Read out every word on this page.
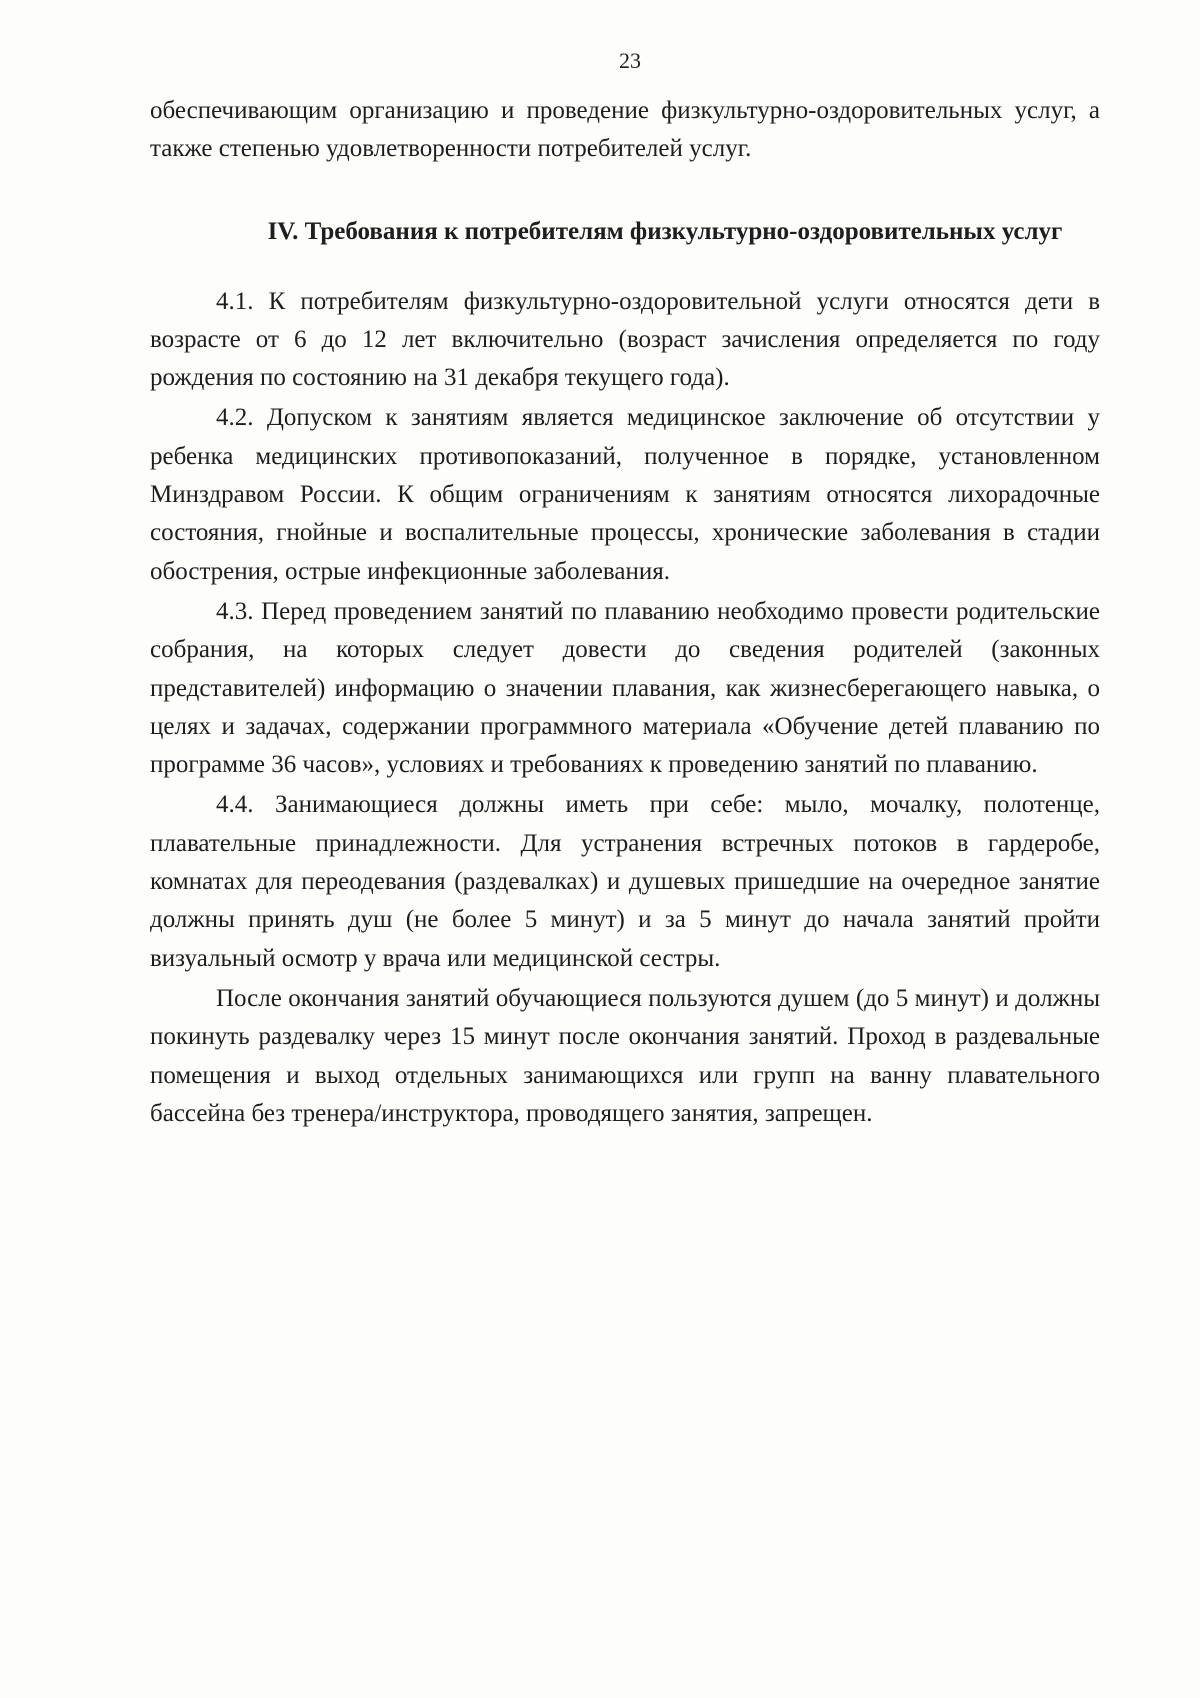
23

обеспечивающим организацию и проведение физкультурно-оздоровительных услуг, а также степенью удовлетворенности потребителей услуг.

IV. Требования к потребителям физкультурно-оздоровительных услуг

4.1. К потребителям физкультурно-оздоровительной услуги относятся дети в возрасте от 6 до 12 лет включительно (возраст зачисления определяется по году рождения по состоянию на 31 декабря текущего года).

4.2. Допуском к занятиям является медицинское заключение об отсутствии у ребенка медицинских противопоказаний, полученное в порядке, установленном Минздравом России. К общим ограничениям к занятиям относятся лихорадочные состояния, гнойные и воспалительные процессы, хронические заболевания в стадии обострения, острые инфекционные заболевания.

4.3. Перед проведением занятий по плаванию необходимо провести родительские собрания, на которых следует довести до сведения родителей (законных представителей) информацию о значении плавания, как жизнесберегающего навыка, о целях и задачах, содержании программного материала «Обучение детей плаванию по программе 36 часов», условиях и требованиях к проведению занятий по плаванию.

4.4. Занимающиеся должны иметь при себе: мыло, мочалку, полотенце, плавательные принадлежности. Для устранения встречных потоков в гардеробе, комнатах для переодевания (раздевалках) и душевых пришедшие на очередное занятие должны принять душ (не более 5 минут) и за 5 минут до начала занятий пройти визуальный осмотр у врача или медицинской сестры.

После окончания занятий обучающиеся пользуются душем (до 5 минут) и должны покинуть раздевалку через 15 минут после окончания занятий. Проход в раздевальные помещения и выход отдельных занимающихся или групп на ванну плавательного бассейна без тренера/инструктора, проводящего занятия, запрещен.
